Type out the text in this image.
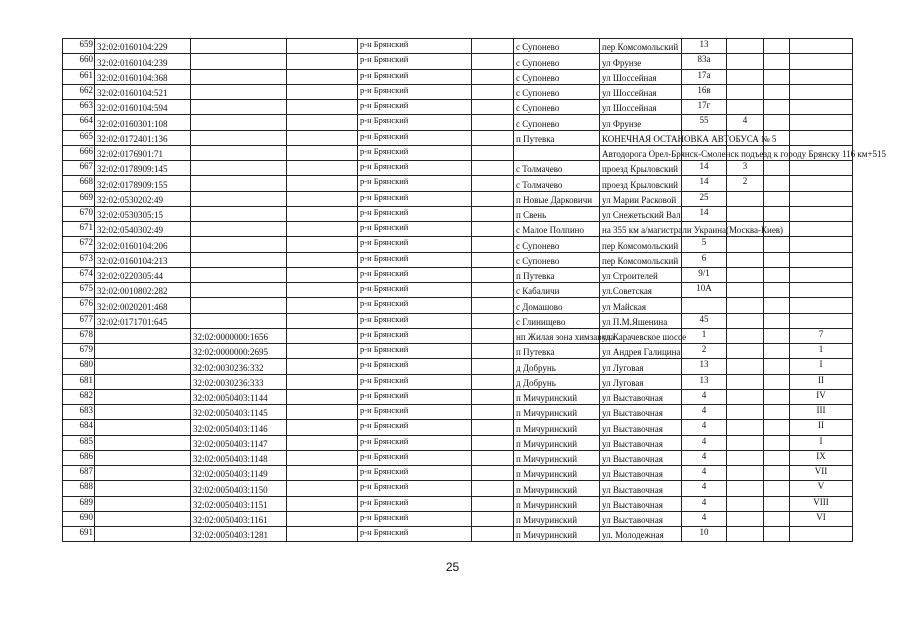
659	32:02:0160104:229			р-н Брянский		с Супонево	пер Комсомольский	13			
660	32:02:0160104:239			р-н Брянский		с Супонево	ул Фрунзе	83а			
661	32:02:0160104:368			р-н Брянский		с Супонево	ул Шоссейная	17а			
662	32:02:0160104:521			р-н Брянский		с Супонево	ул Шоссейная	16в			
663	32:02:0160104:594			р-н Брянский		с Супонево	ул Шоссейная	17г			
664	32:02:0160301:108			р-н Брянский		с Супонево	ул Фрунзе	55	4		
665	32:02:0172401:136			р-н Брянский		п Путевка	КОНЕЧНАЯ ОСТАНОВКА АВТОБУСА № 5				
666	32:02:0176901:71			р-н Брянский			Автодорога Орел-Брянск-Смоленск подъезд к городу Брянску 116 км+515				
667	32:02:0178909:145			р-н Брянский		с Толмачево	проезд Крыловский	14	3		
668	32:02:0178909:155			р-н Брянский		с Толмачево	проезд Крыловский	14	2		
669	32:02:0530202:49			р-н Брянский		п Новые Дарковичи	ул Марии Расковой	25			
670	32:02:0530305:15			р-н Брянский		п Свень	ул Снежетьский Вал	14			
671	32:02:0540302:49			р-н Брянский		с Малое Полпино	на 355 км а/магистрали Украина(Москва-Киев)				
672	32:02:0160104:206			р-н Брянский		с Супонево	пер Комсомольский	5			
673	32:02:0160104:213			р-н Брянский		с Супонево	пер Комсомольский	6			
674	32:02:0220305:44			р-н Брянский		п Путевка	ул Строителей	9/1			
675	32:02:0010802:282			р-н Брянский		с Кабаличи	ул.Советская	10А			
676	32:02:0020201:468			р-н Брянский		с Домашово	ул Майская				
677	32:02:0171701:645			р-н Брянский		с Глинищево	ул П.М.Яшенина	45			
678		32:02:0000000:1656		р-н Брянский		нп Жилая зона химзавода	ул Карачевское шоссе	1			7
679		32:02:0000000:2695		р-н Брянский		п Путевка	ул Андрея Галицина	2			1
680		32:02:0030236:332		р-н Брянский		д Добрунь	ул Луговая	13			I
681		32:02:0030236:333		р-н Брянский		д Добрунь	ул Луговая	13			II
682		32:02:0050403:1144		р-н Брянский		п Мичуринский	ул Выставочная	4			IV
683		32:02:0050403:1145		р-н Брянский		п Мичуринский	ул Выставочная	4			III
684		32:02:0050403:1146		р-н Брянский		п Мичуринский	ул Выставочная	4			II
685		32:02:0050403:1147		р-н Брянский		п Мичуринский	ул Выставочная	4			I
686		32:02:0050403:1148		р-н Брянский		п Мичуринский	ул Выставочная	4			IX
687		32:02:0050403:1149		р-н Брянский		п Мичуринский	ул Выставочная	4			VII
688		32:02:0050403:1150		р-н Брянский		п Мичуринский	ул Выставочная	4			V
689		32:02:0050403:1151		р-н Брянский		п Мичуринский	ул Выставочная	4			VIII
690		32:02:0050403:1161		р-н Брянский		п Мичуринский	ул Выставочная	4			VI
691		32:02:0050403:1281		р-н Брянский		п Мичуринский	ул. Молодежная	10			
25
